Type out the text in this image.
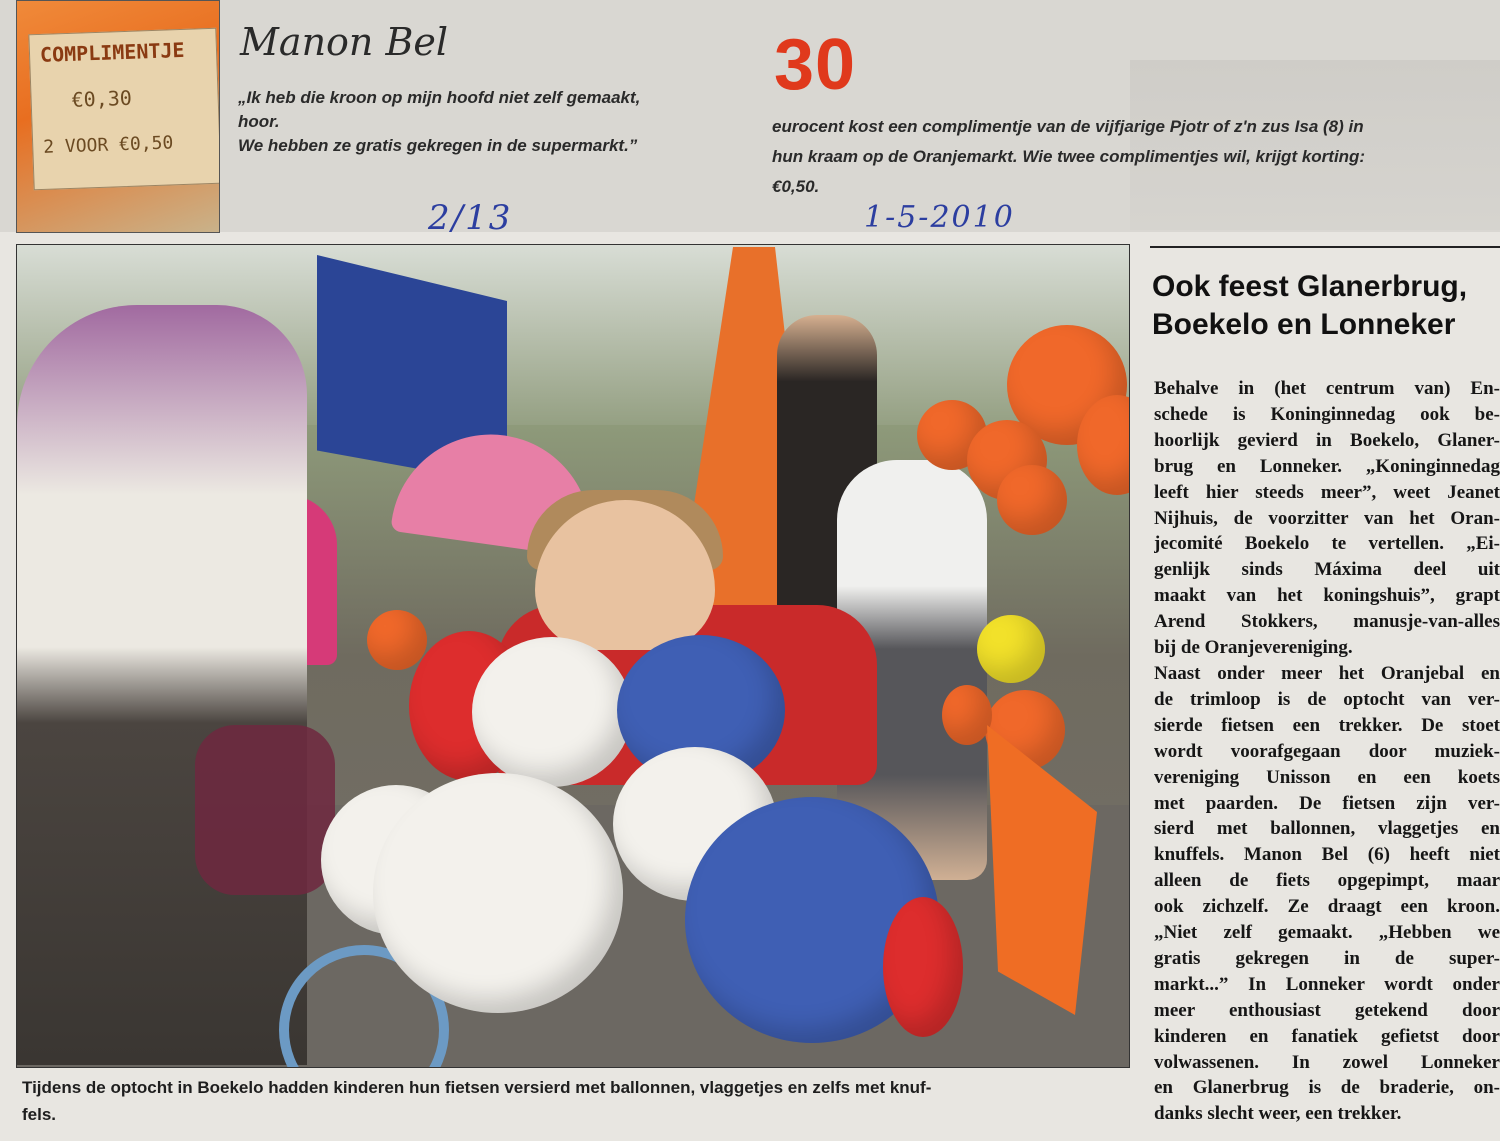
COMPLIMENTJE
€0,30
2 VOOR €0,50
Manon Bel
„Ik heb die kroon op mijn hoofd niet zelf gemaakt,
hoor.
We hebben ze gratis gekregen in de supermarkt.”
30
eurocent kost een complimentje van de vijfjarige Pjotr of z'n zus Isa (8) in
hun kraam op de Oranjemarkt. Wie twee complimentjes wil, krijgt korting:
€0,50.
2/13	1-5-2010
Tijdens de optocht in Boekelo hadden kinderen hun fietsen versierd met ballonnen, vlaggetjes en zelfs met knuf-
fels.
Ook feest Glanerbrug,
Boekelo en Lonneker
Behalve in (het centrum van) En-
schede is Koninginnedag ook be-
hoorlijk gevierd in Boekelo, Glaner-
brug en Lonneker. „Koninginnedag
leeft hier steeds meer”, weet Jeanet
Nijhuis, de voorzitter van het Oran-
jecomité Boekelo te vertellen. „Ei-
genlijk sinds Máxima deel uit
maakt van het koningshuis”, grapt
Arend Stokkers, manusje-van-alles
bij de Oranjevereniging.
Naast onder meer het Oranjebal en
de trimloop is de optocht van ver-
sierde fietsen een trekker. De stoet
wordt voorafgegaan door muziek-
vereniging Unisson en een koets
met paarden. De fietsen zijn ver-
sierd met ballonnen, vlaggetjes en
knuffels. Manon Bel (6) heeft niet
alleen de fiets opgepimpt, maar
ook zichzelf. Ze draagt een kroon.
„Niet zelf gemaakt. „Hebben we
gratis gekregen in de super-
markt...” In Lonneker wordt onder
meer enthousiast getekend door
kinderen en fanatiek gefietst door
volwassenen. In zowel Lonneker
en Glanerbrug is de braderie, on-
danks slecht weer, een trekker.
